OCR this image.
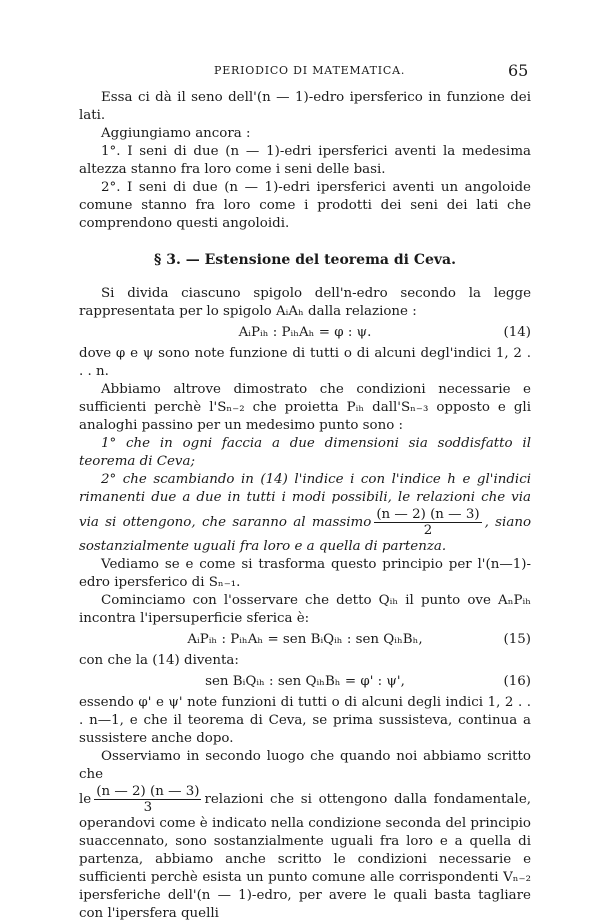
PERIODICO DI MATEMATICA.	65

Essa ci dà il seno dell'(n — 1)-edro ipersferico in funzione dei lati.

Aggiungiamo ancora :

1°. I seni di due (n — 1)-edri ipersferici aventi la medesima altezza stanno fra loro come i seni delle basi.

2°. I seni di due (n — 1)-edri ipersferici aventi un angoloide comune stanno fra loro come i prodotti dei seni dei lati che comprendono questi angoloidi.

§ 3. — Estensione del teorema di Ceva.

Si divida ciascuno spigolo dell'n-edro secondo la legge rappresentata per lo spigolo AᵢAₕ dalla relazione :

AᵢPᵢₕ : PᵢₕAₕ = φ : ψ.	(14)

dove φ e ψ sono note funzione di tutti o di alcuni degl'indici 1, 2 . . . n.

Abbiamo altrove dimostrato che condizioni necessarie e sufficienti perchè l'Sₙ₋₂ che proietta Pᵢₕ dall'Sₙ₋₃ opposto e gli analoghi passino per un medesimo punto sono :

1° che in ogni faccia a due dimensioni sia soddisfatto il teorema di Ceva;

2° che scambiando in (14) l'indice i con l'indice h e gl'indici rimanenti due a due in tutti i modi possibili, le relazioni che via via si ottengono, che saranno al massimo $\frac{(n — 2) (n — 3)}{2}$ , siano sostanzialmente uguali fra loro e a quella di partenza.

Vediamo se e come si trasforma questo principio per l'(n—1)-edro ipersferico di Sₙ₋₁.

Cominciamo con l'osservare che detto Qᵢₕ il punto ove AₙPᵢₕ incontra l'ipersuperficie sferica è:

AᵢPᵢₕ : PᵢₕAₕ = sen BᵢQᵢₕ : sen QᵢₕBₕ,	(15)

con che la (14) diventa:

sen BᵢQᵢₕ : sen QᵢₕBₕ = φ' : ψ',	(16)

essendo φ' e ψ' note funzioni di tutti o di alcuni degli indici 1, 2 . . . n—1, e che il teorema di Ceva, se prima sussisteva, continua a sussistere anche dopo.

Osserviamo in secondo luogo che quando noi abbiamo scritto che

le $\frac{(n — 2) (n — 3)}{3}$ relazioni che si ottengono dalla fondamentale, operandovi come è indicato nella condizione seconda del principio suaccennato, sono sostanzialmente uguali fra loro e a quella di partenza, abbiamo anche scritto le condizioni necessarie e sufficienti perchè esista un punto comune alle corrispondenti Vₙ₋₂ ipersferiche dell'(n — 1)-edro, per avere le quali basta tagliare con l'ipersfera quelli
